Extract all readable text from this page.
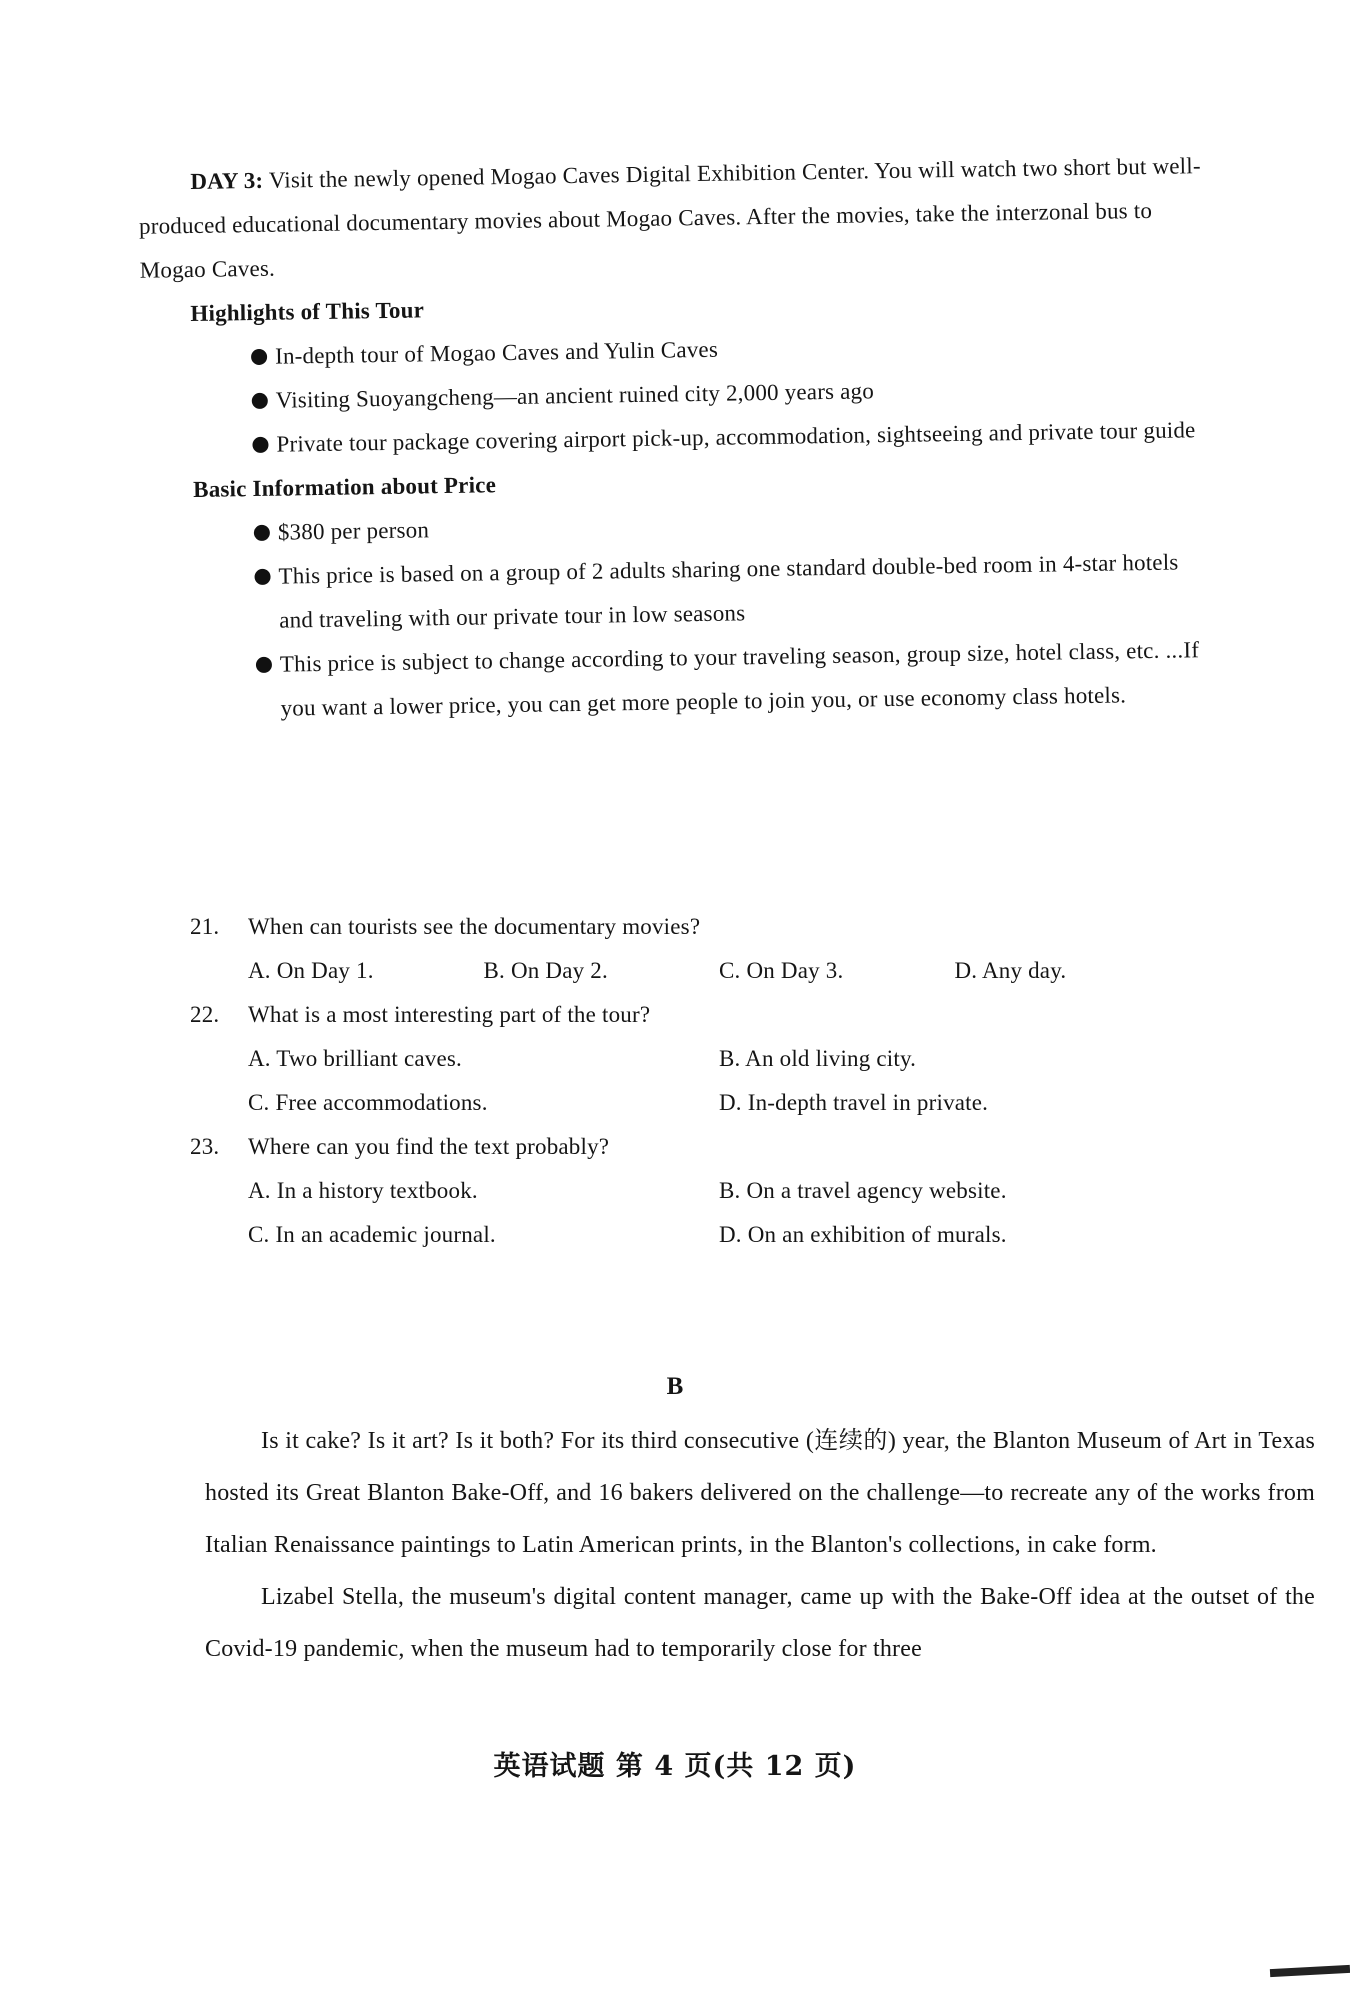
DAY 3: Visit the newly opened Mogao Caves Digital Exhibition Center. You will watch two short but well-produced educational documentary movies about Mogao Caves. After the movies, take the interzonal bus to Mogao Caves.

Highlights of This Tour

In-depth tour of Mogao Caves and Yulin Caves
Visiting Suoyangcheng—an ancient ruined city 2,000 years ago
Private tour package covering airport pick-up, accommodation, sightseeing and private tour guide

Basic Information about Price

$380 per person
This price is based on a group of 2 adults sharing one standard double-bed room in 4-star hotels and traveling with our private tour in low seasons
This price is subject to change according to your traveling season, group size, hotel class, etc. ...If you want a lower price, you can get more people to join you, or use economy class hotels.

21. When can tourists see the documentary movies?

A. On Day 1.	B. On Day 2.	C. On Day 3.	D. Any day.

22. What is a most interesting part of the tour?

A. Two brilliant caves.	B. An old living city.
C. Free accommodations.	D. In-depth travel in private.

23. Where can you find the text probably?

A. In a history textbook.	B. On a travel agency website.
C. In an academic journal.	D. On an exhibition of murals.
B

Is it cake? Is it art? Is it both? For its third consecutive (连续的) year, the Blanton Museum of Art in Texas hosted its Great Blanton Bake-Off, and 16 bakers delivered on the challenge—to recreate any of the works from Italian Renaissance paintings to Latin American prints, in the Blanton's collections, in cake form.

Lizabel Stella, the museum's digital content manager, came up with the Bake-Off idea at the outset of the Covid-19 pandemic, when the museum had to temporarily close for three

英语试题 第 4 页(共 12 页)
